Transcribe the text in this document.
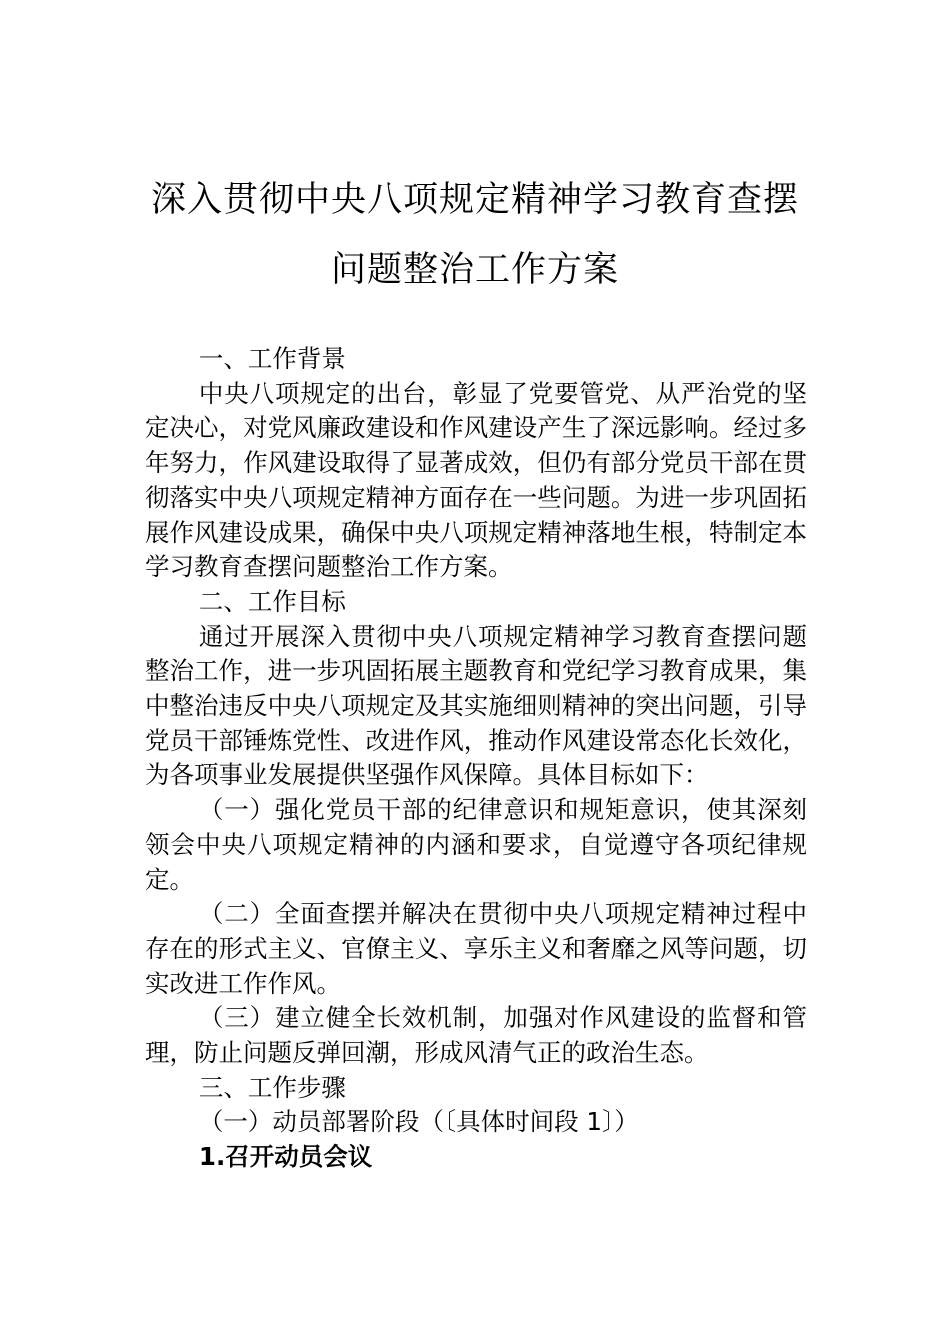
深入贯彻中央八项规定精神学习教育查摆
问题整治工作方案

一、工作背景

中央八项规定的出台，彰显了党要管党、从严治党的坚定决心，对党风廉政建设和作风建设产生了深远影响。经过多年努力，作风建设取得了显著成效，但仍有部分党员干部在贯彻落实中央八项规定精神方面存在一些问题。为进一步巩固拓展作风建设成果，确保中央八项规定精神落地生根，特制定本学习教育查摆问题整治工作方案。

二、工作目标

通过开展深入贯彻中央八项规定精神学习教育查摆问题整治工作，进一步巩固拓展主题教育和党纪学习教育成果，集中整治违反中央八项规定及其实施细则精神的突出问题，引导党员干部锤炼党性、改进作风，推动作风建设常态化长效化，为各项事业发展提供坚强作风保障。具体目标如下：

（一）强化党员干部的纪律意识和规矩意识，使其深刻领会中央八项规定精神的内涵和要求，自觉遵守各项纪律规定。

（二）全面查摆并解决在贯彻中央八项规定精神过程中存在的形式主义、官僚主义、享乐主义和奢靡之风等问题，切实改进工作作风。

（三）建立健全长效机制，加强对作风建设的监督和管理，防止问题反弹回潮，形成风清气正的政治生态。

三、工作步骤

（一）动员部署阶段（〔具体时间段 1〕）

1.召开动员会议
